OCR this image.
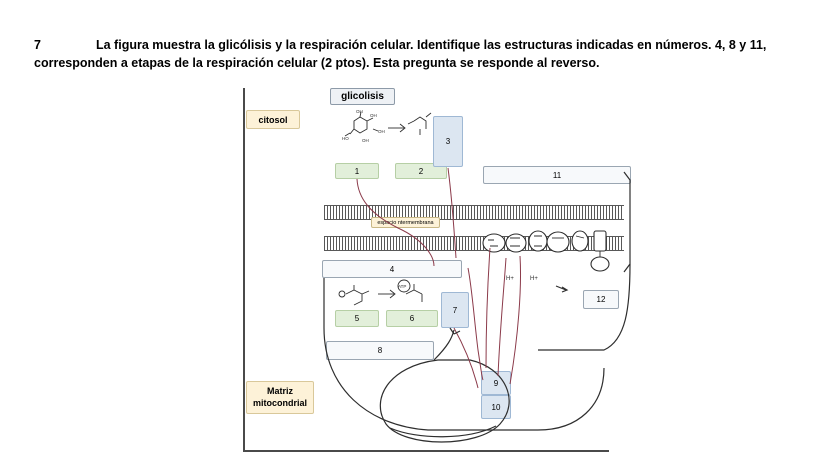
7	La figura muestra la glicólisis y la respiración celular. Identifique las estructuras indicadas en números. 4, 8 y 11, corresponden a etapas de la respiración celular (2 ptos). Esta pregunta se responde al reverso.
citosol
Matriz
mitocondrial
glicolisis
espacio ntermembrana
1	2
3
11
4
5	6
7
8
9
10
12
OH
OH
HO	OH
OH
ATP
H+	H+
